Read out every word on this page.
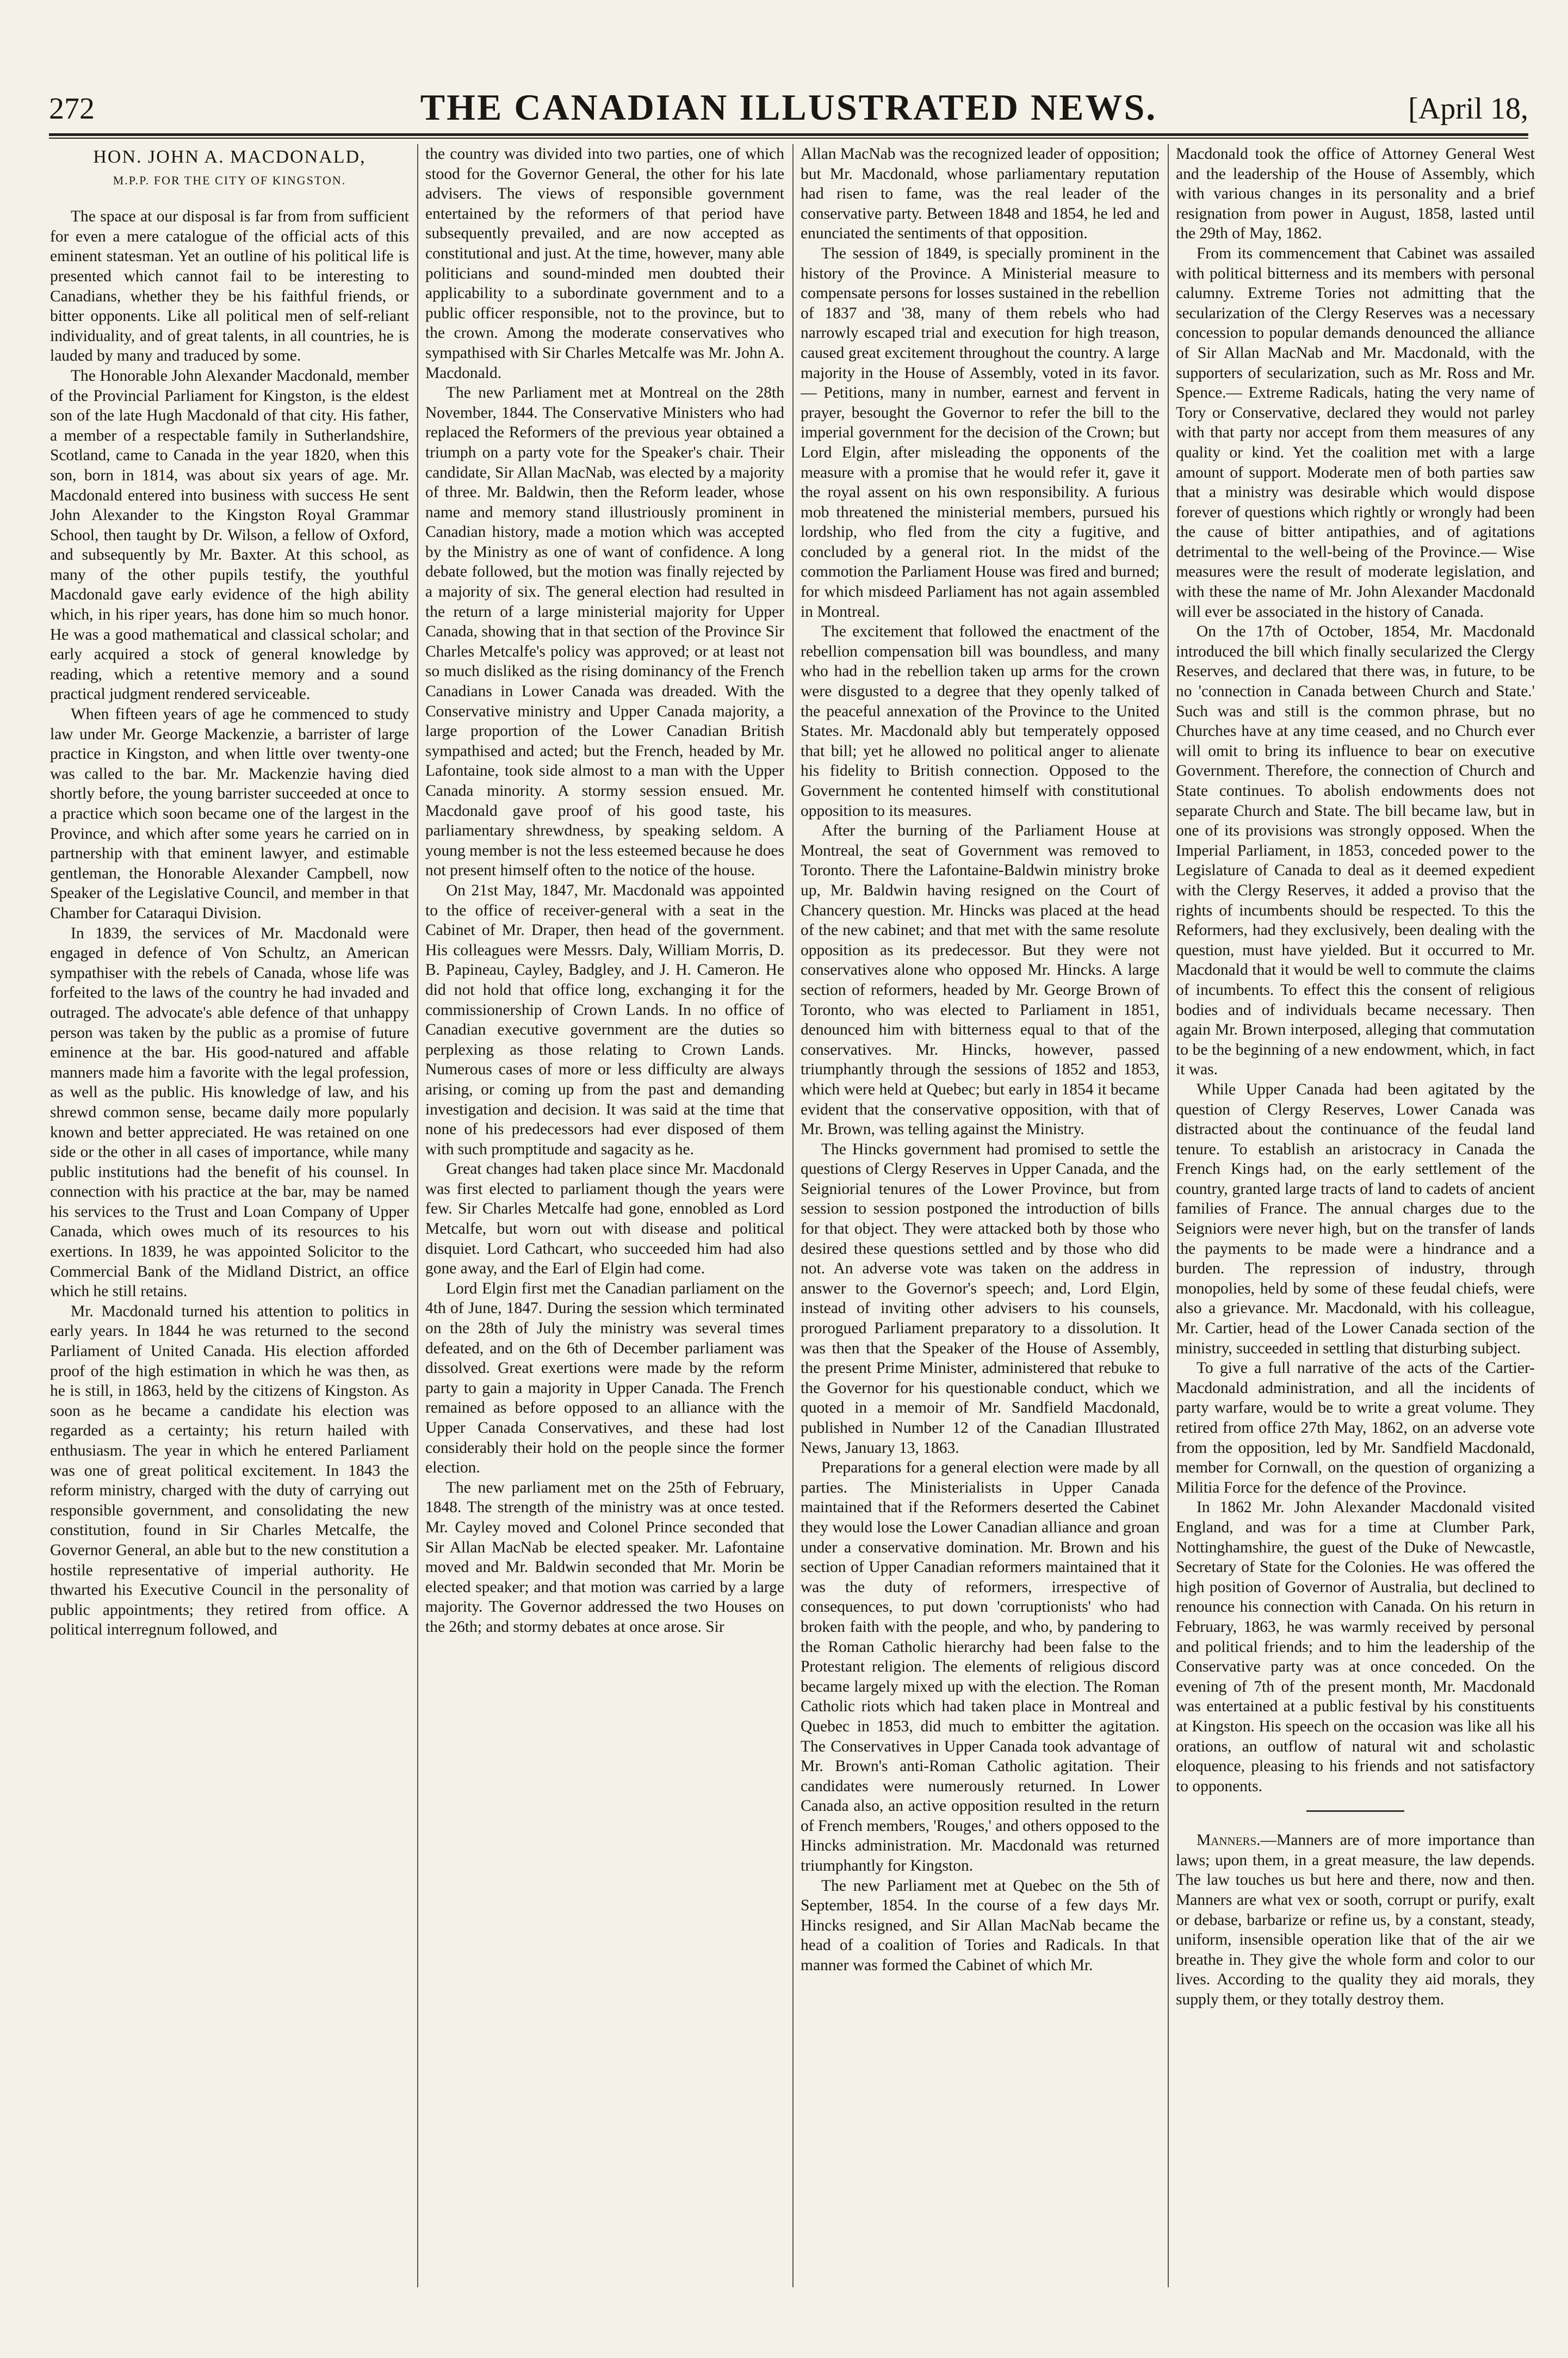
272	THE CANADIAN ILLUSTRATED NEWS.	[April 18,
HON. JOHN A. MACDONALD,
M.P.P. FOR THE CITY OF KINGSTON.

The space at our disposal is far from from sufficient for even a mere catalogue of the official acts of this eminent statesman. Yet an outline of his political life is presented which cannot fail to be interesting to Canadians, whether they be his faithful friends, or bitter opponents. Like all political men of self-reliant individuality, and of great talents, in all countries, he is lauded by many and traduced by some.

The Honorable John Alexander Macdonald, member of the Provincial Parliament for Kingston, is the eldest son of the late Hugh Macdonald of that city. His father, a member of a respectable family in Sutherlandshire, Scotland, came to Canada in the year 1820, when this son, born in 1814, was about six years of age. Mr. Macdonald entered into business with success He sent John Alexander to the Kingston Royal Grammar School, then taught by Dr. Wilson, a fellow of Oxford, and subsequently by Mr. Baxter. At this school, as many of the other pupils testify, the youthful Macdonald gave early evidence of the high ability which, in his riper years, has done him so much honor. He was a good mathematical and classical scholar; and early acquired a stock of general knowledge by reading, which a retentive memory and a sound practical judgment rendered serviceable.

When fifteen years of age he commenced to study law under Mr. George Mackenzie, a barrister of large practice in Kingston, and when little over twenty-one was called to the bar. Mr. Mackenzie having died shortly before, the young barrister succeeded at once to a practice which soon became one of the largest in the Province, and which after some years he carried on in partnership with that eminent lawyer, and estimable gentleman, the Honorable Alexander Campbell, now Speaker of the Legislative Council, and member in that Chamber for Cataraqui Division.

In 1839, the services of Mr. Macdonald were engaged in defence of Von Schultz, an American sympathiser with the rebels of Canada, whose life was forfeited to the laws of the country he had invaded and outraged. The advocate's able defence of that unhappy person was taken by the public as a promise of future eminence at the bar. His good-natured and affable manners made him a favorite with the legal profession, as well as the public. His knowledge of law, and his shrewd common sense, became daily more popularly known and better appreciated. He was retained on one side or the other in all cases of importance, while many public institutions had the benefit of his counsel. In connection with his practice at the bar, may be named his services to the Trust and Loan Company of Upper Canada, which owes much of its resources to his exertions. In 1839, he was appointed Solicitor to the Commercial Bank of the Midland District, an office which he still retains.

Mr. Macdonald turned his attention to politics in early years. In 1844 he was returned to the second Parliament of United Canada. His election afforded proof of the high estimation in which he was then, as he is still, in 1863, held by the citizens of Kingston. As soon as he became a candidate his election was regarded as a certainty; his return hailed with enthusiasm. The year in which he entered Parliament was one of great political excitement. In 1843 the reform ministry, charged with the duty of carrying out responsible government, and consolidating the new constitution, found in Sir Charles Metcalfe, the Governor General, an able but to the new constitution a hostile representative of imperial authority. He thwarted his Executive Council in the personality of public appointments; they retired from office. A political interregnum followed, and

the country was divided into two parties, one of which stood for the Governor General, the other for his late advisers. The views of responsible government entertained by the reformers of that period have subsequently prevailed, and are now accepted as constitutional and just. At the time, however, many able politicians and sound-minded men doubted their applicability to a subordinate government and to a public officer responsible, not to the province, but to the crown. Among the moderate conservatives who sympathised with Sir Charles Metcalfe was Mr. John A. Macdonald.

The new Parliament met at Montreal on the 28th November, 1844. The Conservative Ministers who had replaced the Reformers of the previous year obtained a triumph on a party vote for the Speaker's chair. Their candidate, Sir Allan MacNab, was elected by a majority of three. Mr. Baldwin, then the Reform leader, whose name and memory stand illustriously prominent in Canadian history, made a motion which was accepted by the Ministry as one of want of confidence. A long debate followed, but the motion was finally rejected by a majority of six. The general election had resulted in the return of a large ministerial majority for Upper Canada, showing that in that section of the Province Sir Charles Metcalfe's policy was approved; or at least not so much disliked as the rising dominancy of the French Canadians in Lower Canada was dreaded. With the Conservative ministry and Upper Canada majority, a large proportion of the Lower Canadian British sympathised and acted; but the French, headed by Mr. Lafontaine, took side almost to a man with the Upper Canada minority. A stormy session ensued. Mr. Macdonald gave proof of his good taste, his parliamentary shrewdness, by speaking seldom. A young member is not the less esteemed because he does not present himself often to the notice of the house.

On 21st May, 1847, Mr. Macdonald was appointed to the office of receiver-general with a seat in the Cabinet of Mr. Draper, then head of the government. His colleagues were Messrs. Daly, William Morris, D. B. Papineau, Cayley, Badgley, and J. H. Cameron. He did not hold that office long, exchanging it for the commissionership of Crown Lands. In no office of Canadian executive government are the duties so perplexing as those relating to Crown Lands. Numerous cases of more or less difficulty are always arising, or coming up from the past and demanding investigation and decision. It was said at the time that none of his predecessors had ever disposed of them with such promptitude and sagacity as he.

Great changes had taken place since Mr. Macdonald was first elected to parliament though the years were few. Sir Charles Metcalfe had gone, ennobled as Lord Metcalfe, but worn out with disease and political disquiet. Lord Cathcart, who succeeded him had also gone away, and the Earl of Elgin had come.

Lord Elgin first met the Canadian parliament on the 4th of June, 1847. During the session which terminated on the 28th of July the ministry was several times defeated, and on the 6th of December parliament was dissolved. Great exertions were made by the reform party to gain a majority in Upper Canada. The French remained as before opposed to an alliance with the Upper Canada Conservatives, and these had lost considerably their hold on the people since the former election.

The new parliament met on the 25th of February, 1848. The strength of the ministry was at once tested. Mr. Cayley moved and Colonel Prince seconded that Sir Allan MacNab be elected speaker. Mr. Lafontaine moved and Mr. Baldwin seconded that Mr. Morin be elected speaker; and that motion was carried by a large majority. The Governor addressed the two Houses on the 26th; and stormy debates at once arose. Sir

Allan MacNab was the recognized leader of opposition; but Mr. Macdonald, whose parliamentary reputation had risen to fame, was the real leader of the conservative party. Between 1848 and 1854, he led and enunciated the sentiments of that opposition.

The session of 1849, is specially prominent in the history of the Province. A Ministerial measure to compensate persons for losses sustained in the rebellion of 1837 and '38, many of them rebels who had narrowly escaped trial and execution for high treason, caused great excitement throughout the country. A large majority in the House of Assembly, voted in its favor.— Petitions, many in number, earnest and fervent in prayer, besought the Governor to refer the bill to the imperial government for the decision of the Crown; but Lord Elgin, after misleading the opponents of the measure with a promise that he would refer it, gave it the royal assent on his own responsibility. A furious mob threatened the ministerial members, pursued his lordship, who fled from the city a fugitive, and concluded by a general riot. In the midst of the commotion the Parliament House was fired and burned; for which misdeed Parliament has not again assembled in Montreal.

The excitement that followed the enactment of the rebellion compensation bill was boundless, and many who had in the rebellion taken up arms for the crown were disgusted to a degree that they openly talked of the peaceful annexation of the Province to the United States. Mr. Macdonald ably but temperately opposed that bill; yet he allowed no political anger to alienate his fidelity to British connection. Opposed to the Government he contented himself with constitutional opposition to its measures.

After the burning of the Parliament House at Montreal, the seat of Government was removed to Toronto. There the Lafontaine-Baldwin ministry broke up, Mr. Baldwin having resigned on the Court of Chancery question. Mr. Hincks was placed at the head of the new cabinet; and that met with the same resolute opposition as its predecessor. But they were not conservatives alone who opposed Mr. Hincks. A large section of reformers, headed by Mr. George Brown of Toronto, who was elected to Parliament in 1851, denounced him with bitterness equal to that of the conservatives. Mr. Hincks, however, passed triumphantly through the sessions of 1852 and 1853, which were held at Quebec; but early in 1854 it became evident that the conservative opposition, with that of Mr. Brown, was telling against the Ministry.

The Hincks government had promised to settle the questions of Clergy Reserves in Upper Canada, and the Seigniorial tenures of the Lower Province, but from session to session postponed the introduction of bills for that object. They were attacked both by those who desired these questions settled and by those who did not. An adverse vote was taken on the address in answer to the Governor's speech; and, Lord Elgin, instead of inviting other advisers to his counsels, prorogued Parliament preparatory to a dissolution. It was then that the Speaker of the House of Assembly, the present Prime Minister, administered that rebuke to the Governor for his questionable conduct, which we quoted in a memoir of Mr. Sandfield Macdonald, published in Number 12 of the Canadian Illustrated News, January 13, 1863.

Preparations for a general election were made by all parties. The Ministerialists in Upper Canada maintained that if the Reformers deserted the Cabinet they would lose the Lower Canadian alliance and groan under a conservative domination. Mr. Brown and his section of Upper Canadian reformers maintained that it was the duty of reformers, irrespective of consequences, to put down 'corruptionists' who had broken faith with the people, and who, by pandering to the Roman Catholic hierarchy had been false to the Protestant religion. The elements of religious discord became largely mixed up with the election. The Roman Catholic riots which had taken place in Montreal and Quebec in 1853, did much to embitter the agitation. The Conservatives in Upper Canada took advantage of Mr. Brown's anti-Roman Catholic agitation. Their candidates were numerously returned. In Lower Canada also, an active opposition resulted in the return of French members, 'Rouges,' and others opposed to the Hincks administration. Mr. Macdonald was returned triumphantly for Kingston.

The new Parliament met at Quebec on the 5th of September, 1854. In the course of a few days Mr. Hincks resigned, and Sir Allan MacNab became the head of a coalition of Tories and Radicals. In that manner was formed the Cabinet of which Mr.

Macdonald took the office of Attorney General West and the leadership of the House of Assembly, which with various changes in its personality and a brief resignation from power in August, 1858, lasted until the 29th of May, 1862.

From its commencement that Cabinet was assailed with political bitterness and its members with personal calumny. Extreme Tories not admitting that the secularization of the Clergy Reserves was a necessary concession to popular demands denounced the alliance of Sir Allan MacNab and Mr. Macdonald, with the supporters of secularization, such as Mr. Ross and Mr. Spence.— Extreme Radicals, hating the very name of Tory or Conservative, declared they would not parley with that party nor accept from them measures of any quality or kind. Yet the coalition met with a large amount of support. Moderate men of both parties saw that a ministry was desirable which would dispose forever of questions which rightly or wrongly had been the cause of bitter antipathies, and of agitations detrimental to the well-being of the Province.— Wise measures were the result of moderate legislation, and with these the name of Mr. John Alexander Macdonald will ever be associated in the history of Canada.

On the 17th of October, 1854, Mr. Macdonald introduced the bill which finally secularized the Clergy Reserves, and declared that there was, in future, to be no 'connection in Canada between Church and State.' Such was and still is the common phrase, but no Churches have at any time ceased, and no Church ever will omit to bring its influence to bear on executive Government. Therefore, the connection of Church and State continues. To abolish endowments does not separate Church and State. The bill became law, but in one of its provisions was strongly opposed. When the Imperial Parliament, in 1853, conceded power to the Legislature of Canada to deal as it deemed expedient with the Clergy Reserves, it added a proviso that the rights of incumbents should be respected. To this the Reformers, had they exclusively, been dealing with the question, must have yielded. But it occurred to Mr. Macdonald that it would be well to commute the claims of incumbents. To effect this the consent of religious bodies and of individuals became necessary. Then again Mr. Brown interposed, alleging that commutation to be the beginning of a new endowment, which, in fact it was.

While Upper Canada had been agitated by the question of Clergy Reserves, Lower Canada was distracted about the continuance of the feudal land tenure. To establish an aristocracy in Canada the French Kings had, on the early settlement of the country, granted large tracts of land to cadets of ancient families of France. The annual charges due to the Seigniors were never high, but on the transfer of lands the payments to be made were a hindrance and a burden. The repression of industry, through monopolies, held by some of these feudal chiefs, were also a grievance. Mr. Macdonald, with his colleague, Mr. Cartier, head of the Lower Canada section of the ministry, succeeded in settling that disturbing subject.

To give a full narrative of the acts of the Cartier-Macdonald administration, and all the incidents of party warfare, would be to write a great volume. They retired from office 27th May, 1862, on an adverse vote from the opposition, led by Mr. Sandfield Macdonald, member for Cornwall, on the question of organizing a Militia Force for the defence of the Province.

In 1862 Mr. John Alexander Macdonald visited England, and was for a time at Clumber Park, Nottinghamshire, the guest of the Duke of Newcastle, Secretary of State for the Colonies. He was offered the high position of Governor of Australia, but declined to renounce his connection with Canada. On his return in February, 1863, he was warmly received by personal and political friends; and to him the leadership of the Conservative party was at once conceded. On the evening of 7th of the present month, Mr. Macdonald was entertained at a public festival by his constituents at Kingston. His speech on the occasion was like all his orations, an outflow of natural wit and scholastic eloquence, pleasing to his friends and not satisfactory to opponents.

Manners.—Manners are of more importance than laws; upon them, in a great measure, the law depends. The law touches us but here and there, now and then. Manners are what vex or sooth, corrupt or purify, exalt or debase, barbarize or refine us, by a constant, steady, uniform, insensible operation like that of the air we breathe in. They give the whole form and color to our lives. According to the quality they aid morals, they supply them, or they totally destroy them.
